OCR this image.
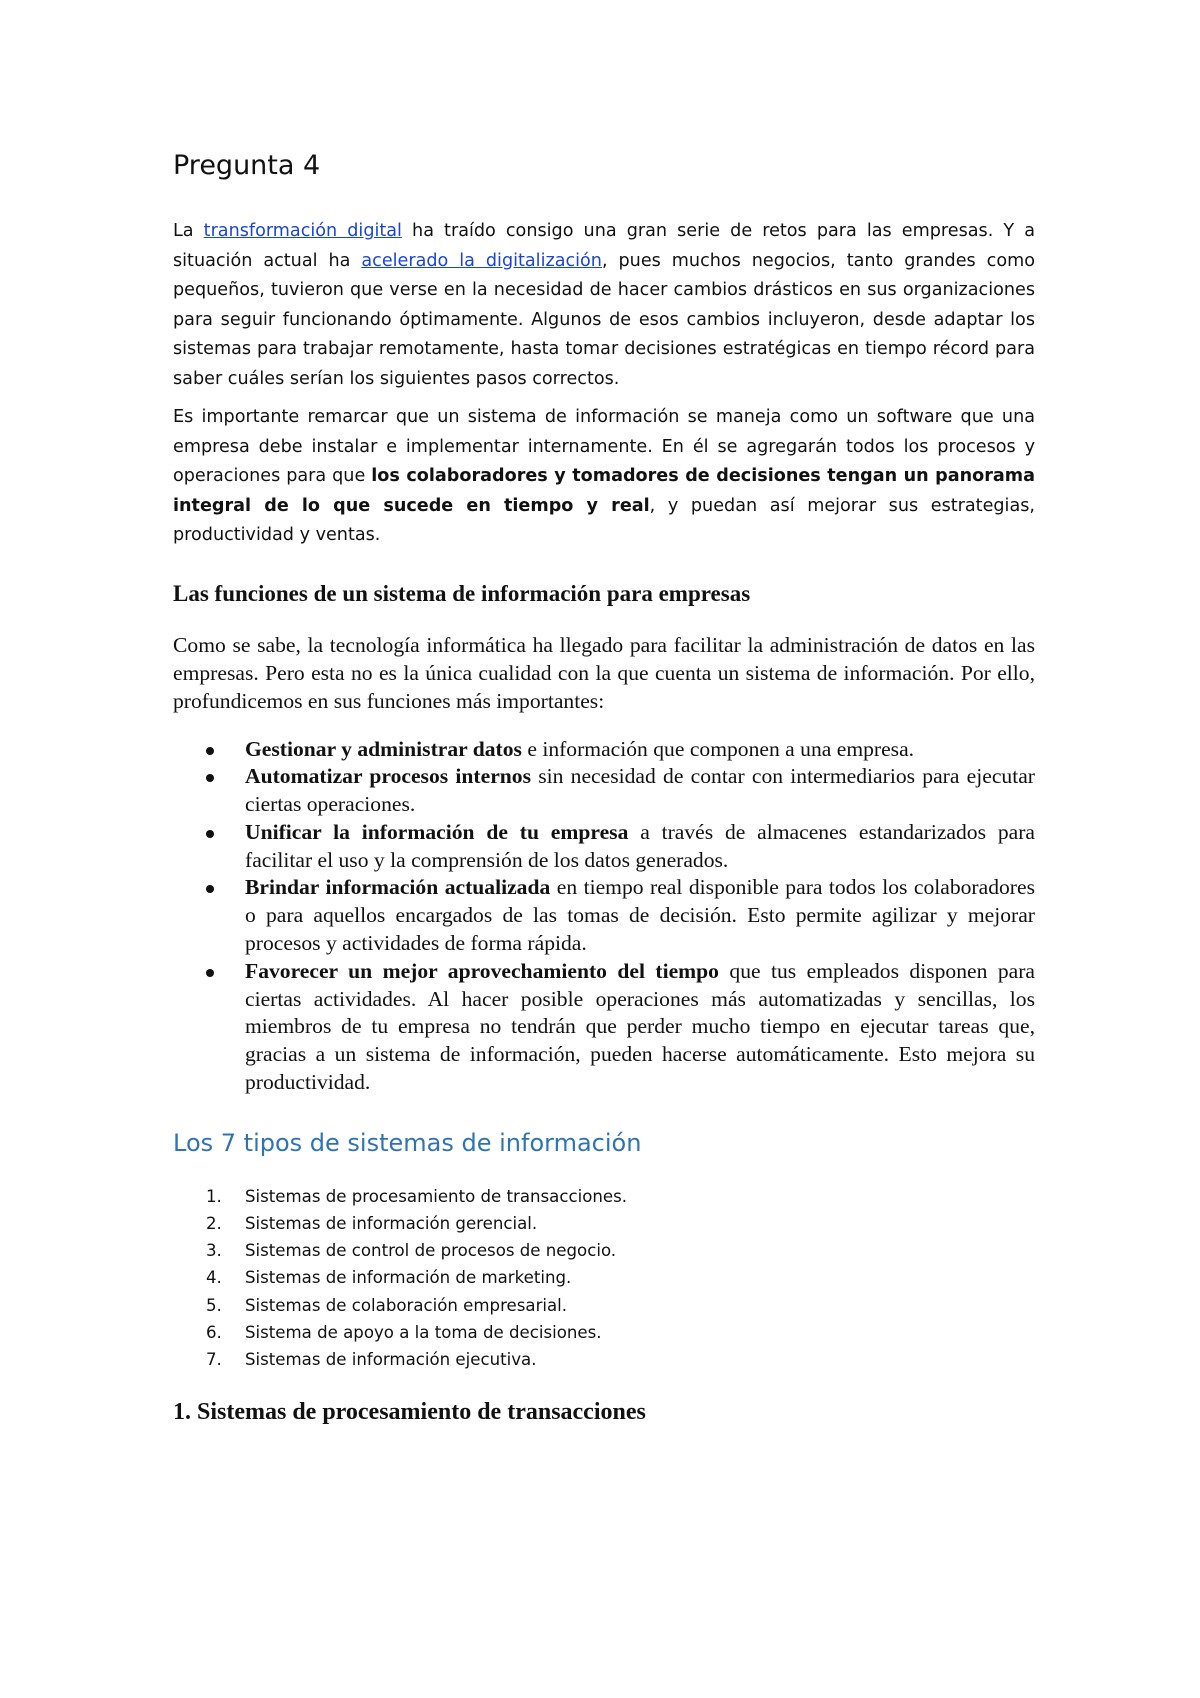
Pregunta 4

La transformación digital ha traído consigo una gran serie de retos para las empresas. Y a situación actual ha acelerado la digitalización, pues muchos negocios, tanto grandes como pequeños, tuvieron que verse en la necesidad de hacer cambios drásticos en sus organizaciones para seguir funcionando óptimamente. Algunos de esos cambios incluyeron, desde adaptar los sistemas para trabajar remotamente, hasta tomar decisiones estratégicas en tiempo récord para saber cuáles serían los siguientes pasos correctos.

Es importante remarcar que un sistema de información se maneja como un software que una empresa debe instalar e implementar internamente. En él se agregarán todos los procesos y operaciones para que los colaboradores y tomadores de decisiones tengan un panorama integral de lo que sucede en tiempo y real, y puedan así mejorar sus estrategias, productividad y ventas.

Las funciones de un sistema de información para empresas

Como se sabe, la tecnología informática ha llegado para facilitar la administración de datos en las empresas. Pero esta no es la única cualidad con la que cuenta un sistema de información. Por ello, profundicemos en sus funciones más importantes:

Gestionar y administrar datos e información que componen a una empresa.
Automatizar procesos internos sin necesidad de contar con intermediarios para ejecutar ciertas operaciones.
Unificar la información de tu empresa a través de almacenes estandarizados para facilitar el uso y la comprensión de los datos generados.
Brindar información actualizada en tiempo real disponible para todos los colaboradores o para aquellos encargados de las tomas de decisión. Esto permite agilizar y mejorar procesos y actividades de forma rápida.
Favorecer un mejor aprovechamiento del tiempo que tus empleados disponen para ciertas actividades. Al hacer posible operaciones más automatizadas y sencillas, los miembros de tu empresa no tendrán que perder mucho tiempo en ejecutar tareas que, gracias a un sistema de información, pueden hacerse automáticamente. Esto mejora su productividad.
Los 7 tipos de sistemas de información
1. Sistemas de procesamiento de transacciones.
2. Sistemas de información gerencial.
3. Sistemas de control de procesos de negocio.
4. Sistemas de información de marketing.
5. Sistemas de colaboración empresarial.
6. Sistema de apoyo a la toma de decisiones.
7. Sistemas de información ejecutiva.
1. Sistemas de procesamiento de transacciones
